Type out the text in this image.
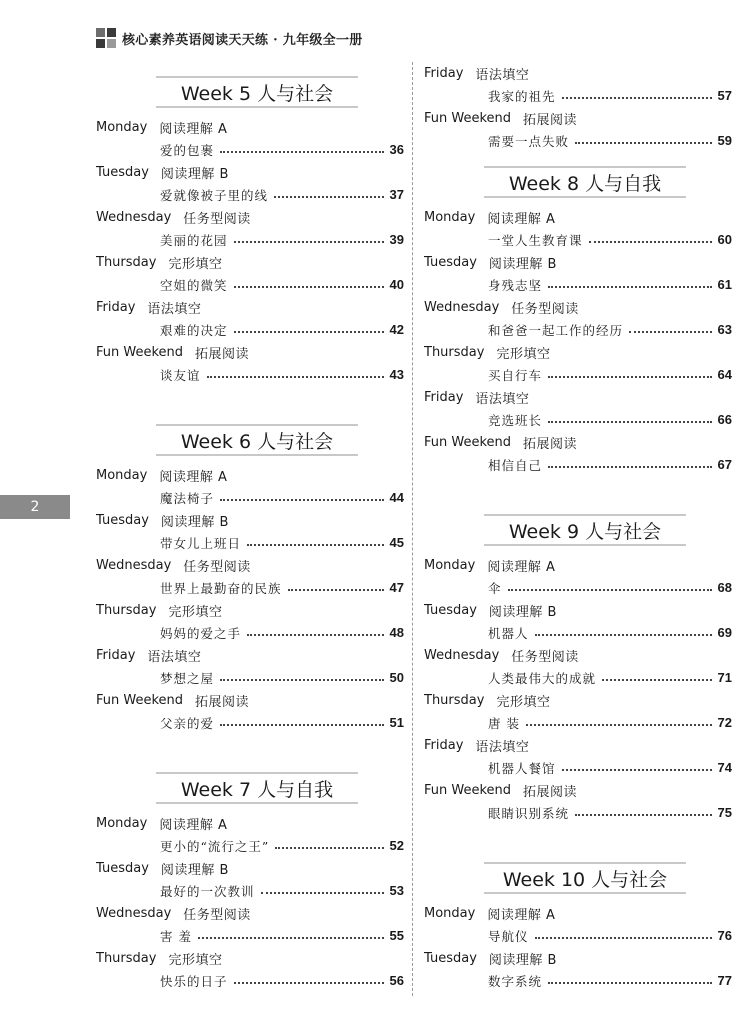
核心素养英语阅读天天练 · 九年级全一册
2
Week 5 人与社会
Monday 阅读理解 A
爱的包裹	36
Tuesday 阅读理解 B
爱就像被子里的线	37
Wednesday 任务型阅读
美丽的花园	39
Thursday 完形填空
空姐的微笑	40
Friday 语法填空
艰难的决定	42
Fun Weekend 拓展阅读
谈友谊	43
Week 6 人与社会
Monday 阅读理解 A
魔法椅子	44
Tuesday 阅读理解 B
带女儿上班日	45
Wednesday 任务型阅读
世界上最勤奋的民族	47
Thursday 完形填空
妈妈的爱之手	48
Friday 语法填空
梦想之屋	50
Fun Weekend 拓展阅读
父亲的爱	51
Week 7 人与自我
Monday 阅读理解 A
更小的“流行之王”	52
Tuesday 阅读理解 B
最好的一次教训	53
Wednesday 任务型阅读
害 羞	55
Thursday 完形填空
快乐的日子	56
Friday 语法填空
我家的祖先	57
Fun Weekend 拓展阅读
需要一点失败	59
Week 8 人与自我
Monday 阅读理解 A
一堂人生教育课	60
Tuesday 阅读理解 B
身残志坚	61
Wednesday 任务型阅读
和爸爸一起工作的经历	63
Thursday 完形填空
买自行车	64
Friday 语法填空
竞选班长	66
Fun Weekend 拓展阅读
相信自己	67
Week 9 人与社会
Monday 阅读理解 A
伞	68
Tuesday 阅读理解 B
机器人	69
Wednesday 任务型阅读
人类最伟大的成就	71
Thursday 完形填空
唐 装	72
Friday 语法填空
机器人餐馆	74
Fun Weekend 拓展阅读
眼睛识别系统	75
Week 10 人与社会
Monday 阅读理解 A
导航仪	76
Tuesday 阅读理解 B
数字系统	77
